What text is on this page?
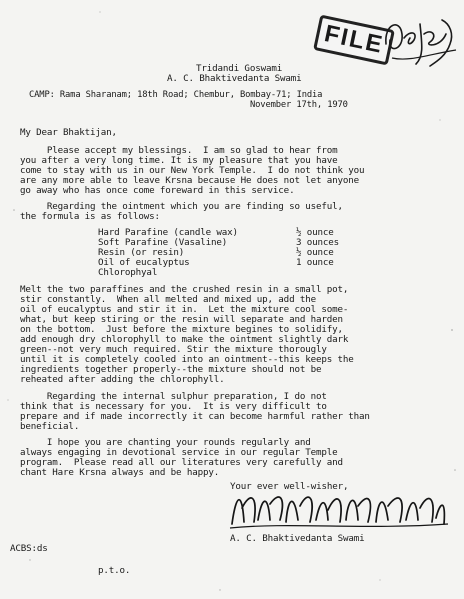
FILE
Tridandi Goswami
A. C. Bhaktivedanta Swami
CAMP: Rama Sharanam; 18th Road; Chembur, Bombay-71; India
November 17th, 1970
My Dear Bhaktijan,
Please accept my blessings.  I am so glad to hear from
you after a very long time. It is my pleasure that you have
come to stay with us in our New York Temple.  I do not think you
are any more able to leave Krsna because He does not let anyone
go away who has once come foreward in this service.
Regarding the ointment which you are finding so useful,
the formula is as follows:
Hard Parafine (candle wax)	½ ounce
Soft Parafine (Vasaline)	3 ounces
Resin (or resin)	½ ounce
Oil of eucalyptus	1 ounce
Chlorophyal
Melt the two paraffines and the crushed resin in a small pot,
stir constantly.  When all melted and mixed up, add the
oil of eucalyptus and stir it in.  Let the mixture cool some-
what, but keep stiring or the resin will separate and harden
on the bottom.  Just before the mixture begines to solidify,
add enough dry chlorophyll to make the ointment slightly dark
green--not very much required. Stir the mixture thorougly
until it is completely cooled into an ointment--this keeps the
ingredients together properly--the mixture should not be
reheated after adding the chlorophyll.
Regarding the internal sulphur preparation, I do not
think that is necessary for you.  It is very difficult to
prepare and if made incorrectly it can become harmful rather than
beneficial.
I hope you are chanting your rounds regularly and
always engaging in devotional service in our regular Temple
program.  Please read all our literatures very carefully and
chant Hare Krsna always and be happy.
Your ever well-wisher,
A. C. Bhaktivedanta Swami
ACBS:ds
p.t.o.
